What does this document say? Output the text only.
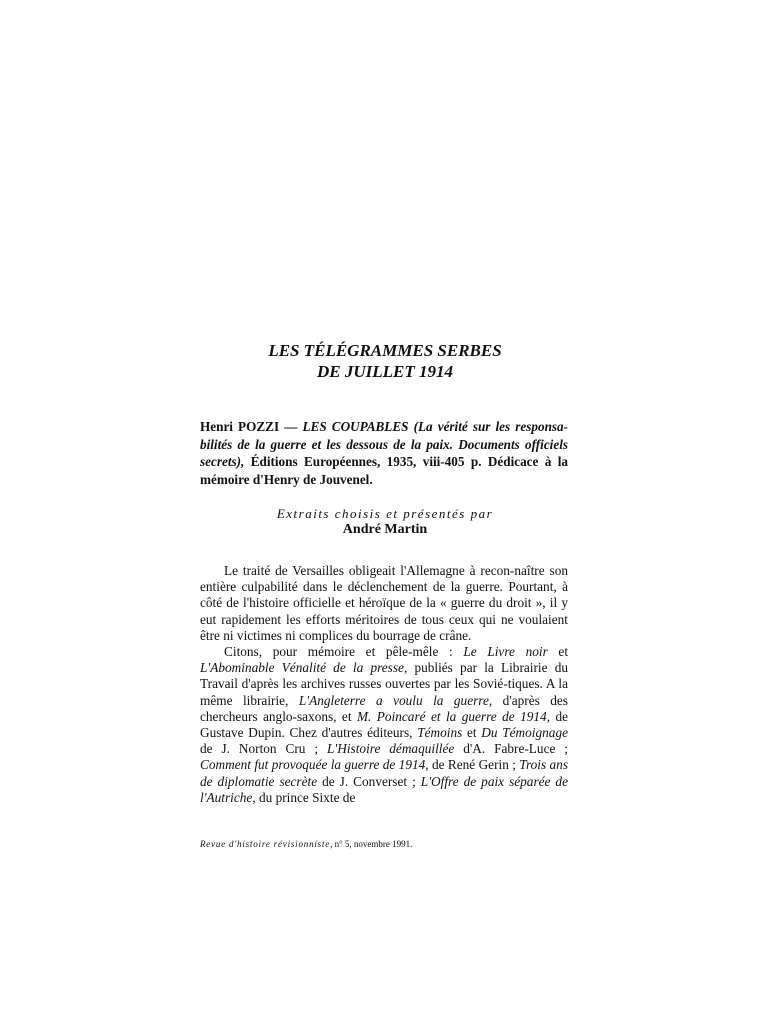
LES TÉLÉGRAMMES SERBES
DE JUILLET 1914

Henri POZZI — LES COUPABLES (La vérité sur les responsa-bilités de la guerre et les dessous de la paix. Documents officiels secrets), Éditions Européennes, 1935, viii-405 p. Dédicace à la mémoire d'Henry de Jouvenel.

Extraits choisis et présentés par

André Martin

Le traité de Versailles obligeait l'Allemagne à recon-naître son entière culpabilité dans le déclenchement de la guerre. Pourtant, à côté de l'histoire officielle et héroïque de la « guerre du droit », il y eut rapidement les efforts méritoires de tous ceux qui ne voulaient être ni victimes ni complices du bourrage de crâne.

Citons, pour mémoire et pêle-mêle : Le Livre noir et L'Abominable Vénalité de la presse, publiés par la Librairie du Travail d'après les archives russes ouvertes par les Sovié-tiques. A la même librairie, L'Angleterre a voulu la guerre, d'après des chercheurs anglo-saxons, et M. Poincaré et la guerre de 1914, de Gustave Dupin. Chez d'autres éditeurs, Témoins et Du Témoignage de J. Norton Cru ; L'Histoire démaquillée d'A. Fabre-Luce ; Comment fut provoquée la guerre de 1914, de René Gerin ; Trois ans de diplomatie secrète de J. Converset ; L'Offre de paix séparée de l'Autriche, du prince Sixte de

Revue d'histoire révisionniste, n° 5, novembre 1991.
